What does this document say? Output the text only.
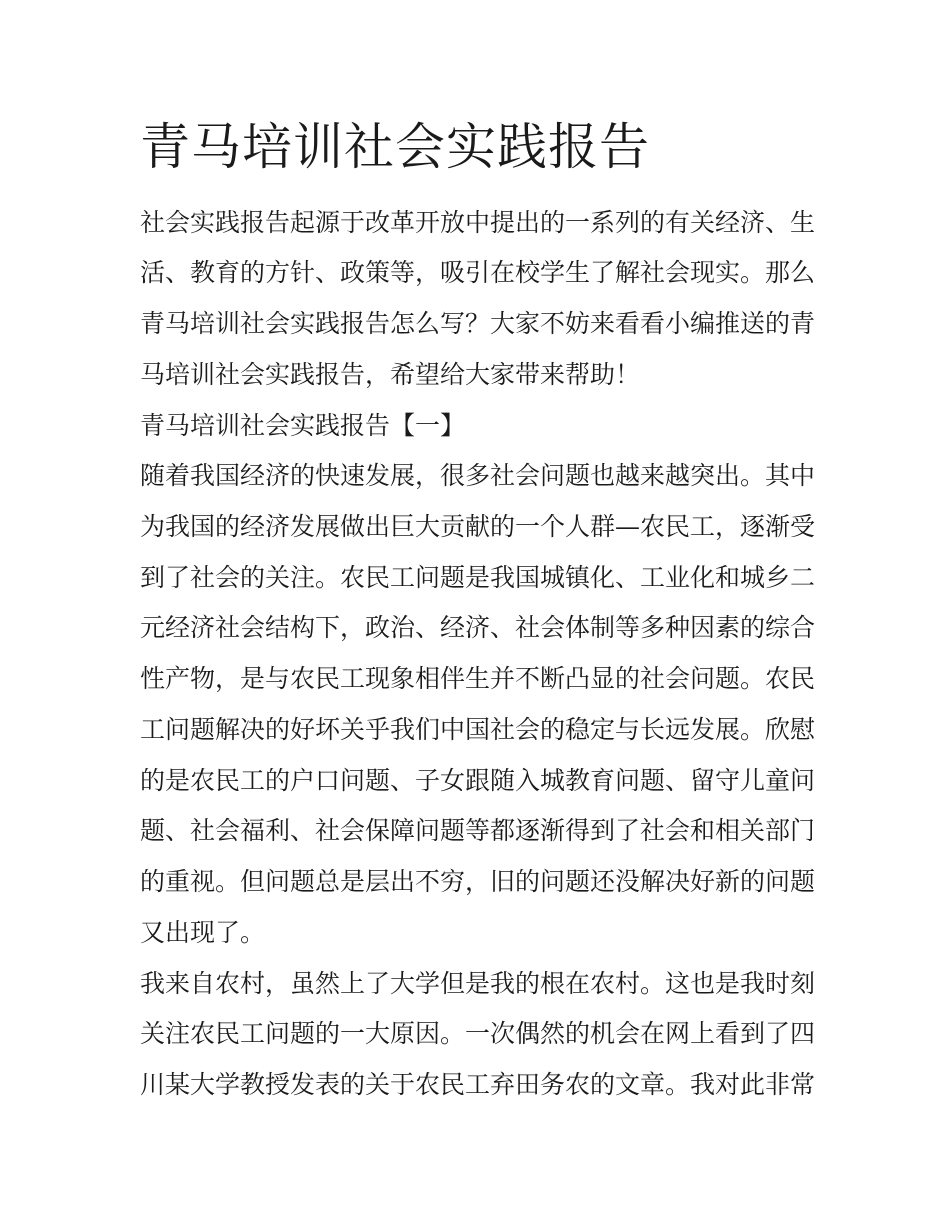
青马培训社会实践报告

社会实践报告起源于改革开放中提出的一系列的有关经济、生

活、教育的方针、政策等，吸引在校学生了解社会现实。那么

青马培训社会实践报告怎么写？大家不妨来看看小编推送的青

马培训社会实践报告，希望给大家带来帮助！

青马培训社会实践报告【一】

随着我国经济的快速发展，很多社会问题也越来越突出。其中

为我国的经济发展做出巨大贡献的一个人群—农民工，逐渐受

到了社会的关注。农民工问题是我国城镇化、工业化和城乡二

元经济社会结构下，政治、经济、社会体制等多种因素的综合

性产物，是与农民工现象相伴生并不断凸显的社会问题。农民

工问题解决的好坏关乎我们中国社会的稳定与长远发展。欣慰

的是农民工的户口问题、子女跟随入城教育问题、留守儿童问

题、社会福利、社会保障问题等都逐渐得到了社会和相关部门

的重视。但问题总是层出不穷，旧的问题还没解决好新的问题

又出现了。

我来自农村，虽然上了大学但是我的根在农村。这也是我时刻

关注农民工问题的一大原因。一次偶然的机会在网上看到了四

川某大学教授发表的关于农民工弃田务农的文章。我对此非常
